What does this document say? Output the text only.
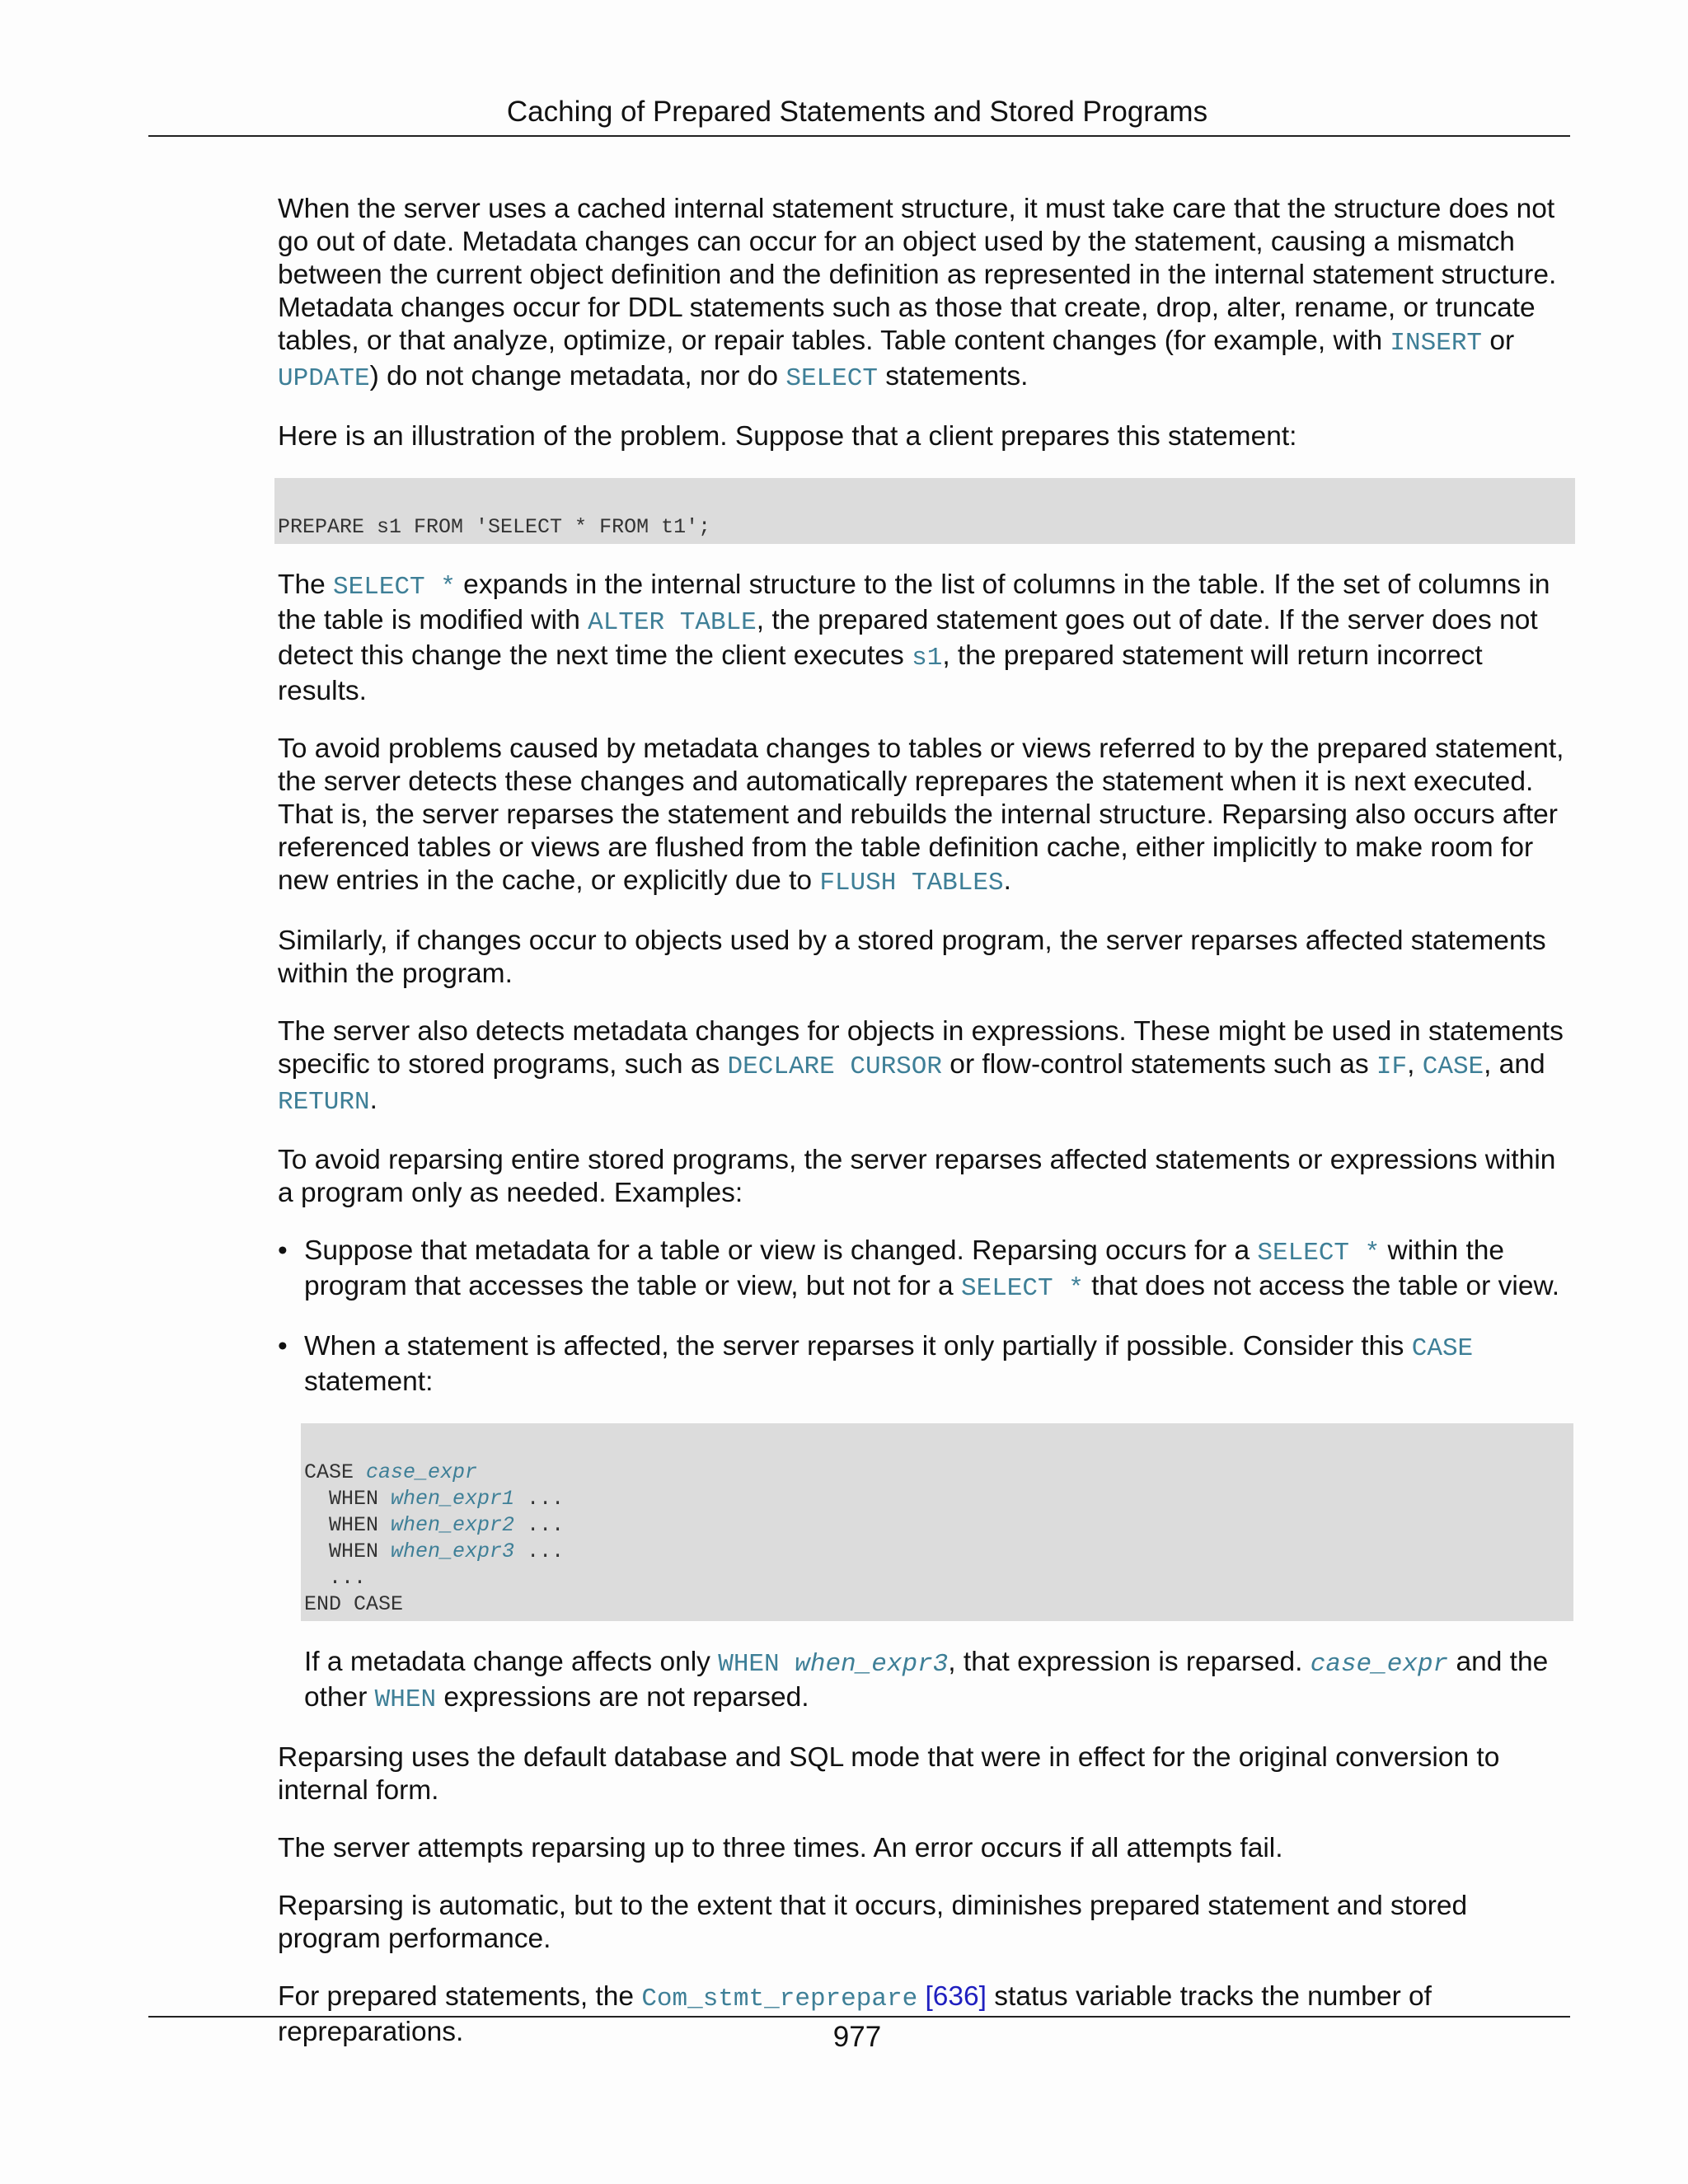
Caching of Prepared Statements and Stored Programs

When the server uses a cached internal statement structure, it must take care that the structure does not go out of date. Metadata changes can occur for an object used by the statement, causing a mismatch between the current object definition and the definition as represented in the internal statement structure. Metadata changes occur for DDL statements such as those that create, drop, alter, rename, or truncate tables, or that analyze, optimize, or repair tables. Table content changes (for example, with INSERT or UPDATE) do not change metadata, nor do SELECT statements.

Here is an illustration of the problem. Suppose that a client prepares this statement:

PREPARE s1 FROM 'SELECT * FROM t1';

The SELECT * expands in the internal structure to the list of columns in the table. If the set of columns in the table is modified with ALTER TABLE, the prepared statement goes out of date. If the server does not detect this change the next time the client executes s1, the prepared statement will return incorrect results.

To avoid problems caused by metadata changes to tables or views referred to by the prepared statement, the server detects these changes and automatically reprepares the statement when it is next executed. That is, the server reparses the statement and rebuilds the internal structure. Reparsing also occurs after referenced tables or views are flushed from the table definition cache, either implicitly to make room for new entries in the cache, or explicitly due to FLUSH TABLES.

Similarly, if changes occur to objects used by a stored program, the server reparses affected statements within the program.

The server also detects metadata changes for objects in expressions. These might be used in statements specific to stored programs, such as DECLARE CURSOR or flow-control statements such as IF, CASE, and RETURN.

To avoid reparsing entire stored programs, the server reparses affected statements or expressions within a program only as needed. Examples:

• Suppose that metadata for a table or view is changed. Reparsing occurs for a SELECT * within the program that accesses the table or view, but not for a SELECT * that does not access the table or view.
• When a statement is affected, the server reparses it only partially if possible. Consider this CASE statement:
CASE case_expr
WHEN when_expr1 ...
WHEN when_expr2 ...
WHEN when_expr3 ...
...
END CASE

If a metadata change affects only WHEN when_expr3, that expression is reparsed. case_expr and the other WHEN expressions are not reparsed.

Reparsing uses the default database and SQL mode that were in effect for the original conversion to internal form.

The server attempts reparsing up to three times. An error occurs if all attempts fail.

Reparsing is automatic, but to the extent that it occurs, diminishes prepared statement and stored program performance.

For prepared statements, the Com_stmt_reprepare [636] status variable tracks the number of repreparations.	977
